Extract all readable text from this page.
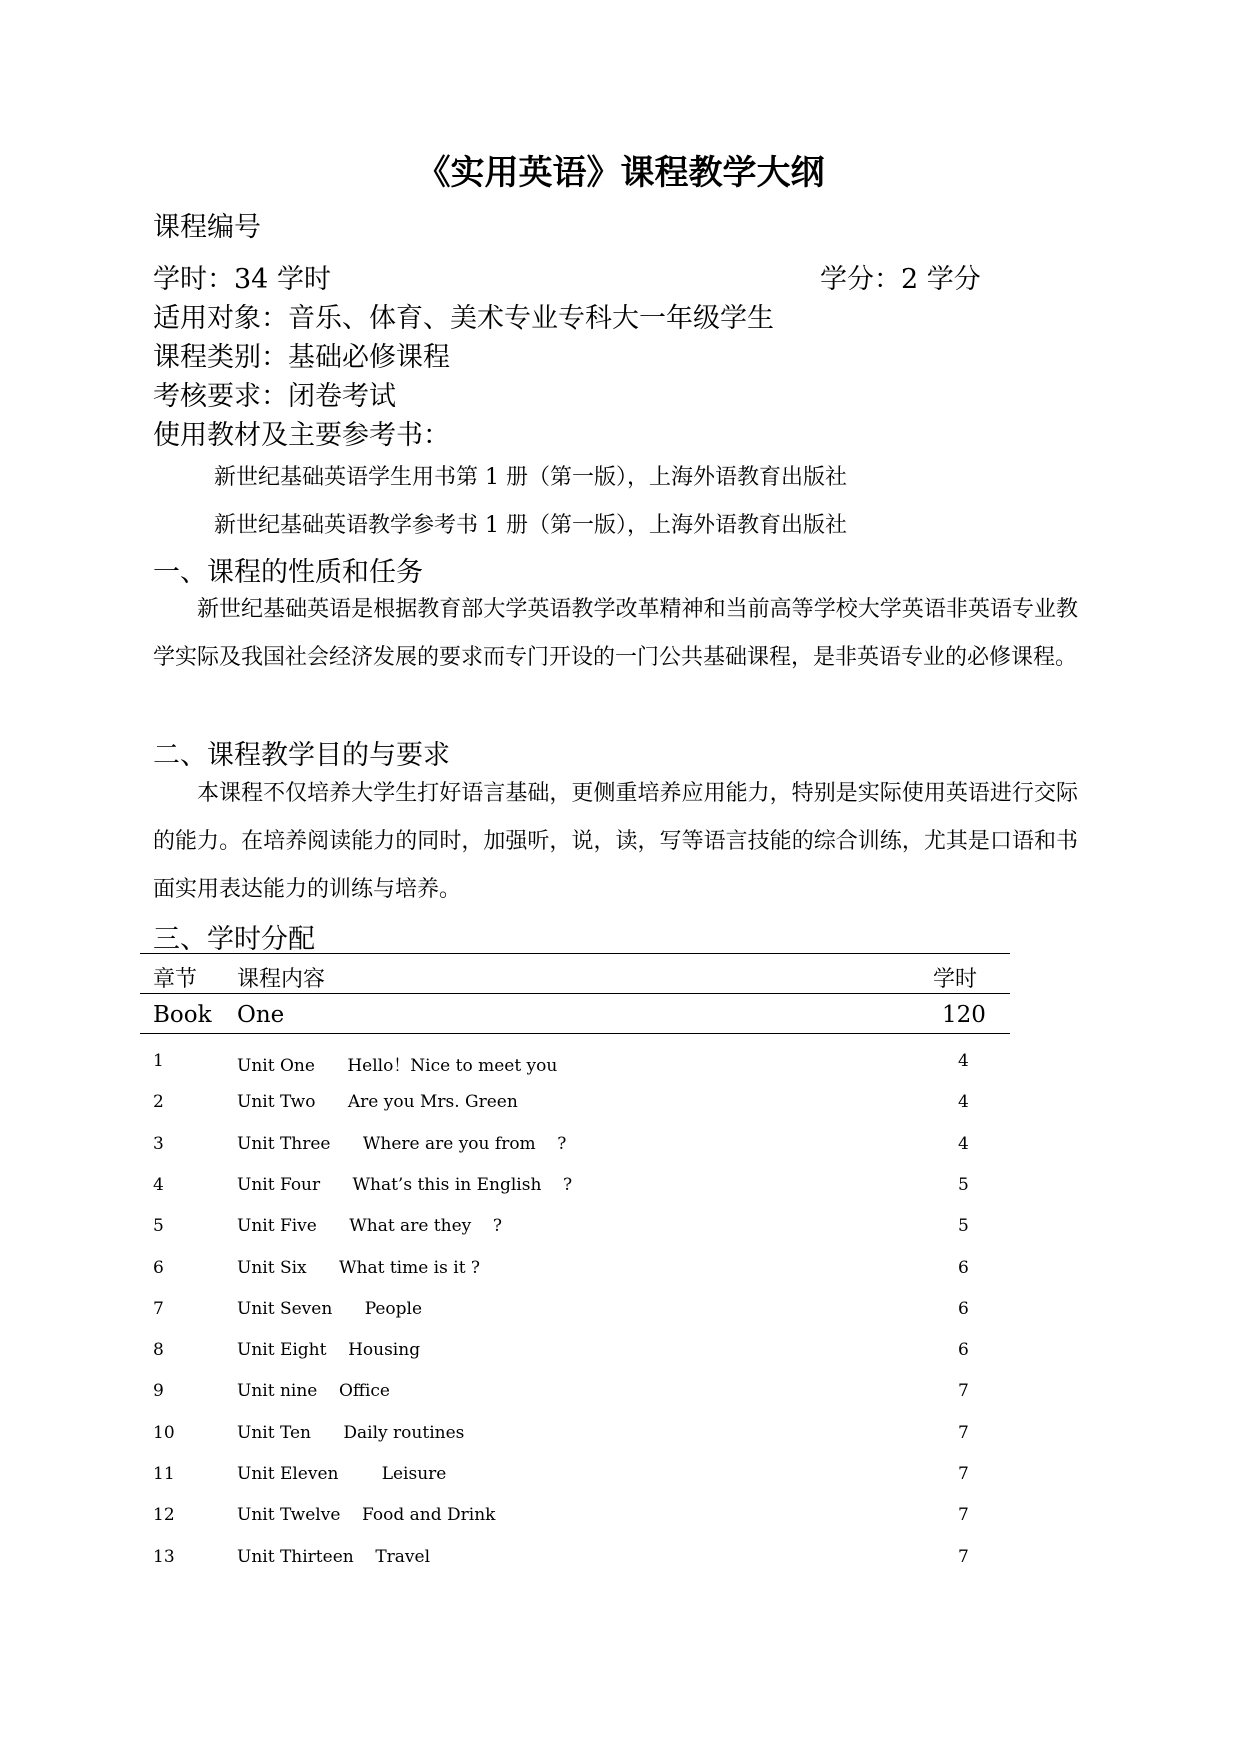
《实用英语》课程教学大纲
课程编号
学时：34 学时	学分：2 学分
适用对象：音乐、体育、美术专业专科大一年级学生
课程类别：基础必修课程
考核要求：闭卷考试
使用教材及主要参考书：
新世纪基础英语学生用书第 1 册（第一版），上海外语教育出版社
新世纪基础英语教学参考书 1 册（第一版），上海外语教育出版社
一、课程的性质和任务
新世纪基础英语是根据教育部大学英语教学改革精神和当前高等学校大学英语非英语专业教学实际及我国社会经济发展的要求而专门开设的一门公共基础课程，是非英语专业的必修课程。
二、课程教学目的与要求
本课程不仅培养大学生打好语言基础，更侧重培养应用能力，特别是实际使用英语进行交际的能力。在培养阅读能力的同时，加强听，说，读，写等语言技能的综合训练，尤其是口语和书面实用表达能力的训练与培养。
三、学时分配
章节 课程内容	学时
Book One	120
1	Unit One      Hello！Nice to meet you	4
2	Unit Two      Are you Mrs. Green	4
3	Unit Three      Where are you from    ?	4
4	Unit Four      What’s this in English    ?	5
5	Unit Five      What are they    ?	5
6	Unit Six      What time is it ?	6
7	Unit Seven      People	6
8	Unit Eight    Housing	6
9	Unit nine    Office	7
10	Unit Ten      Daily routines	7
11	Unit Eleven        Leisure	7
12	Unit Twelve    Food and Drink	7
13	Unit Thirteen    Travel	7
